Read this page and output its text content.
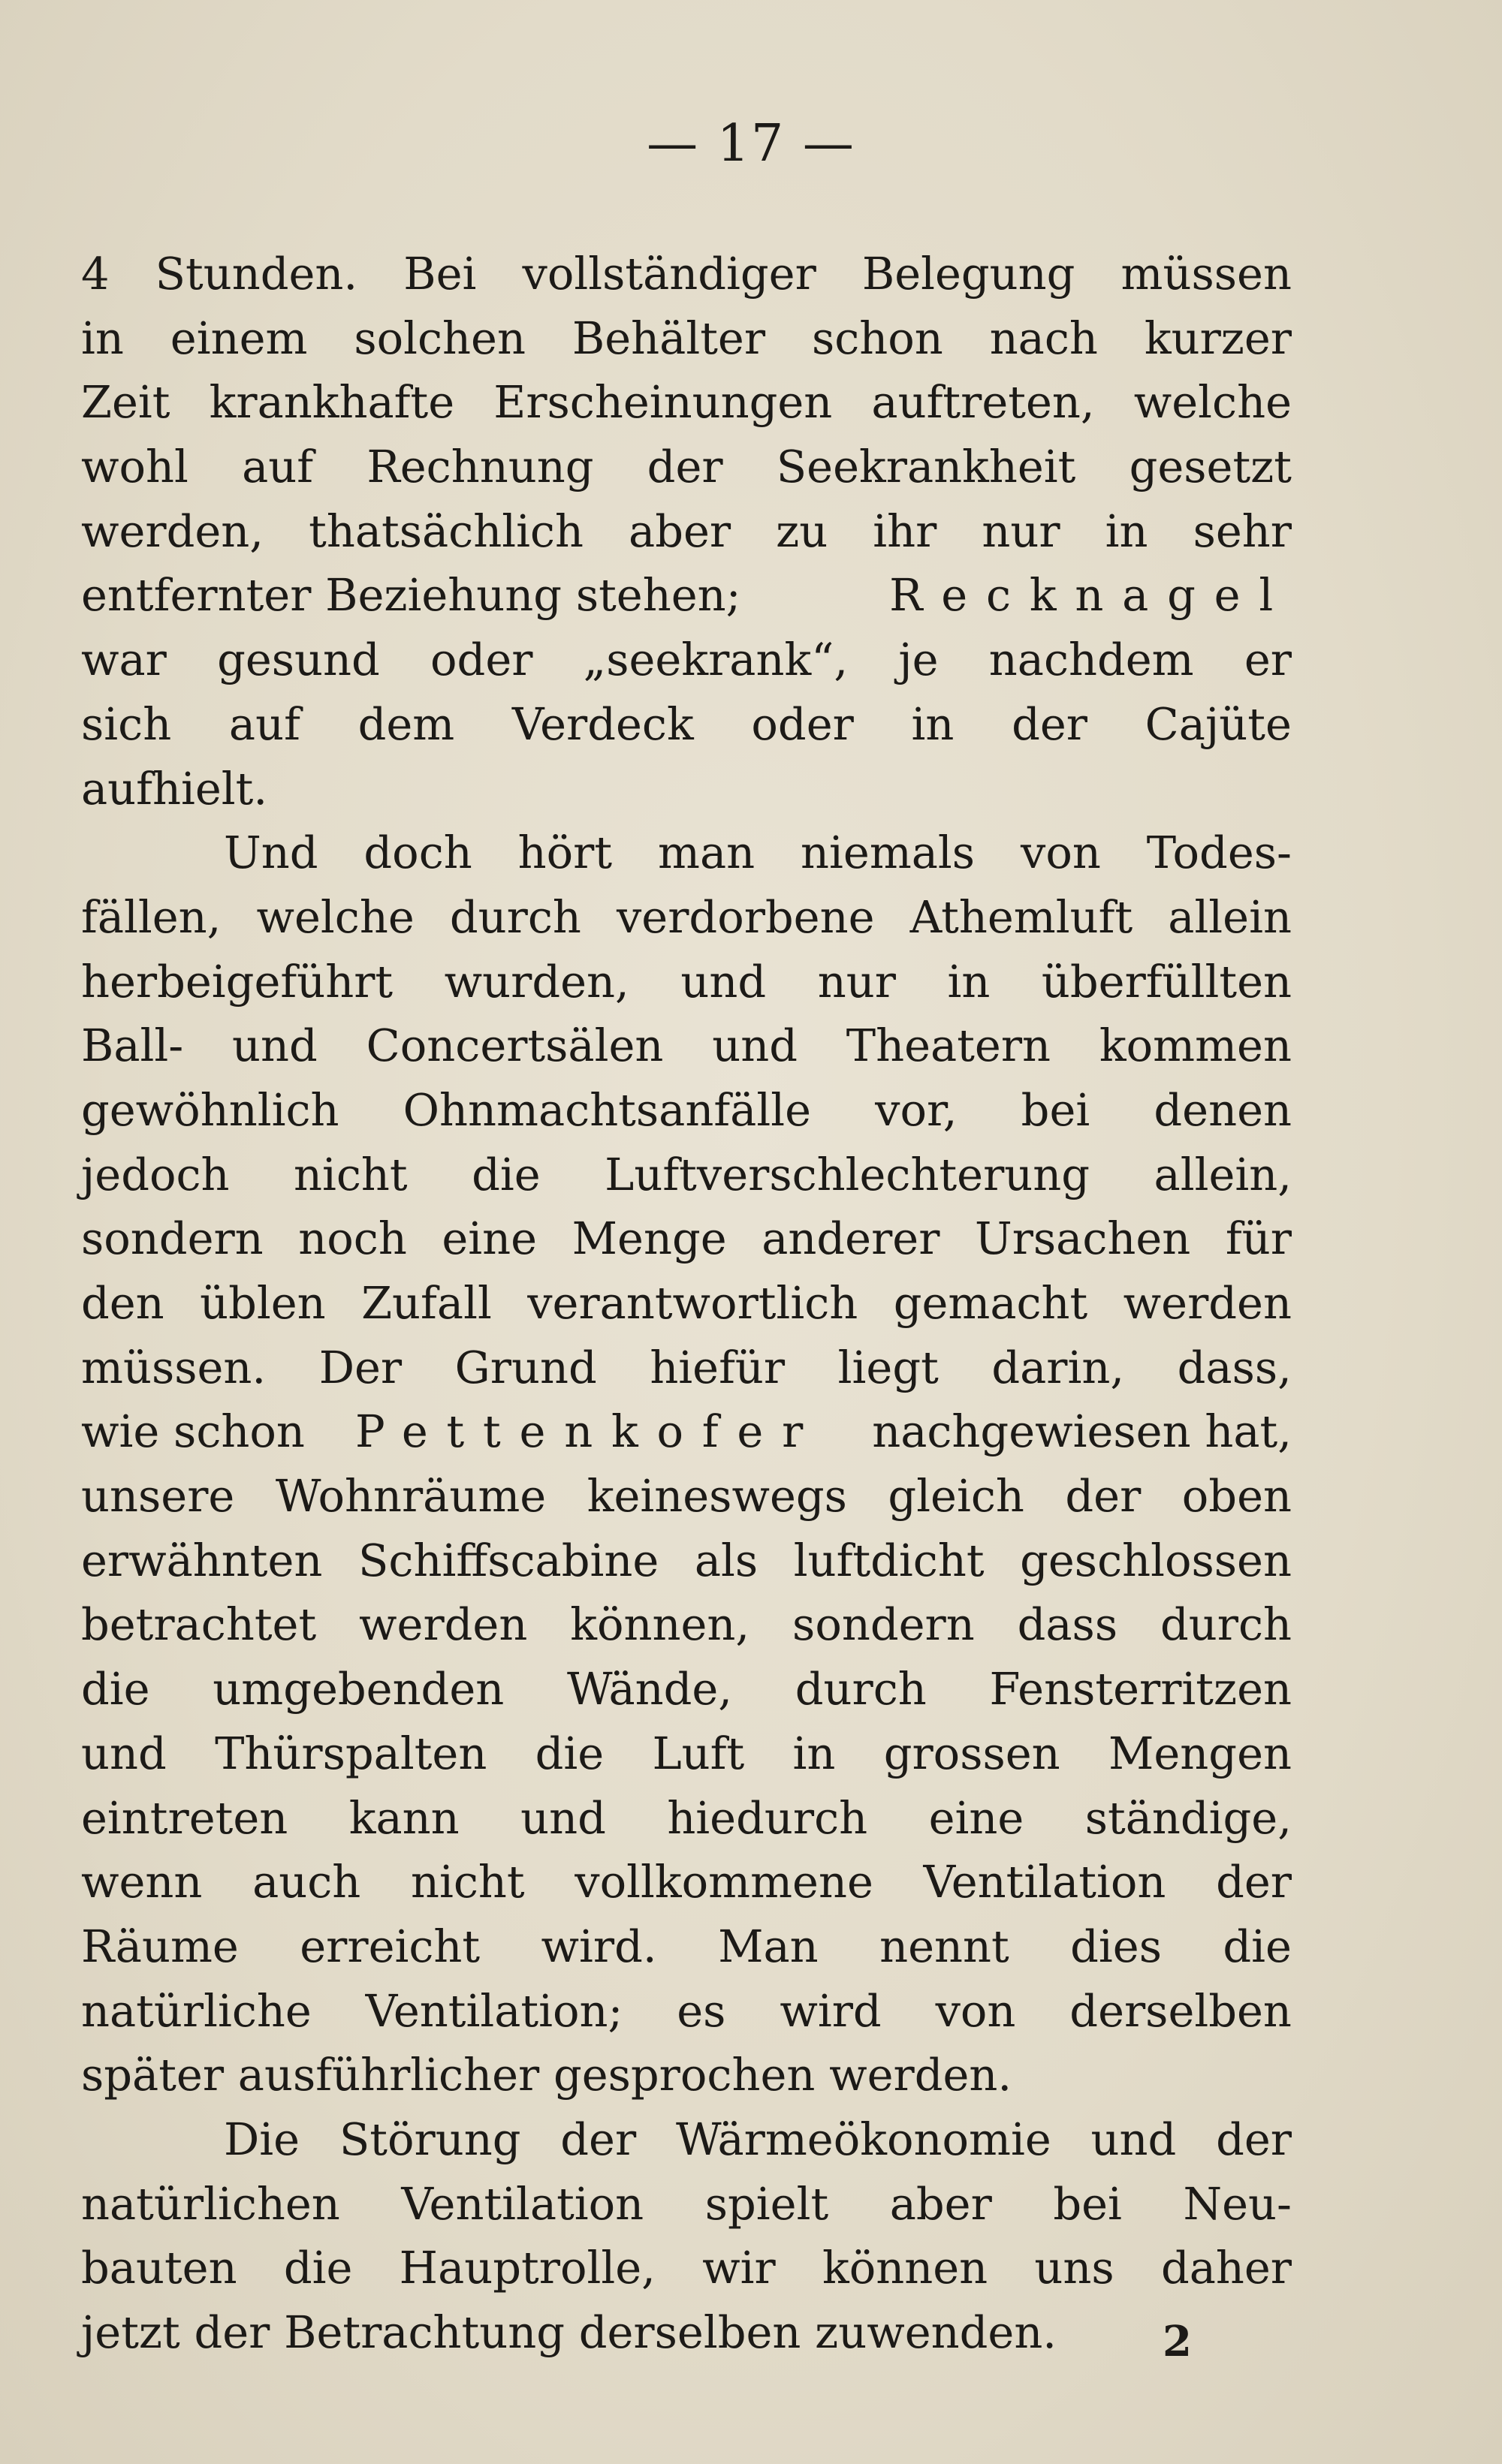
— 17 —
4 Stunden. Bei vollständiger Belegung müssen
in einem solchen Behälter schon nach kurzer
Zeit krankhafte Erscheinungen auftreten, welche
wohl auf Rechnung der Seekrankheit gesetzt
werden, thatsächlich aber zu ihr nur in sehr
entfernter Beziehung stehen;	Recknagel
war gesund oder „seekrank“, je nachdem er
sich auf dem Verdeck oder in der Cajüte
aufhielt.
Und doch hört man niemals von Todes-
fällen, welche durch verdorbene Athemluft allein
herbeigeführt wurden, und nur in überfüllten
Ball- und Concertsälen und Theatern kommen
gewöhnlich Ohnmachtsanfälle vor, bei denen
jedoch nicht die Luftverschlechterung allein,
sondern noch eine Menge anderer Ursachen für
den üblen Zufall verantwortlich gemacht werden
müssen. Der Grund hiefür liegt darin, dass,
wie schon Pettenkofer nachgewiesen hat,
unsere Wohnräume keineswegs gleich der oben
erwähnten Schiffscabine als luftdicht geschlossen
betrachtet werden können, sondern dass durch
die umgebenden Wände, durch Fensterritzen
und Thürspalten die Luft in grossen Mengen
eintreten kann und hiedurch eine ständige,
wenn auch nicht vollkommene Ventilation der
Räume erreicht wird. Man nennt dies die
natürliche Ventilation; es wird von derselben
später ausführlicher gesprochen werden.
Die Störung der Wärmeökonomie und der
natürlichen Ventilation spielt aber bei Neu-
bauten die Hauptrolle, wir können uns daher
jetzt der Betrachtung derselben zuwenden.	2
